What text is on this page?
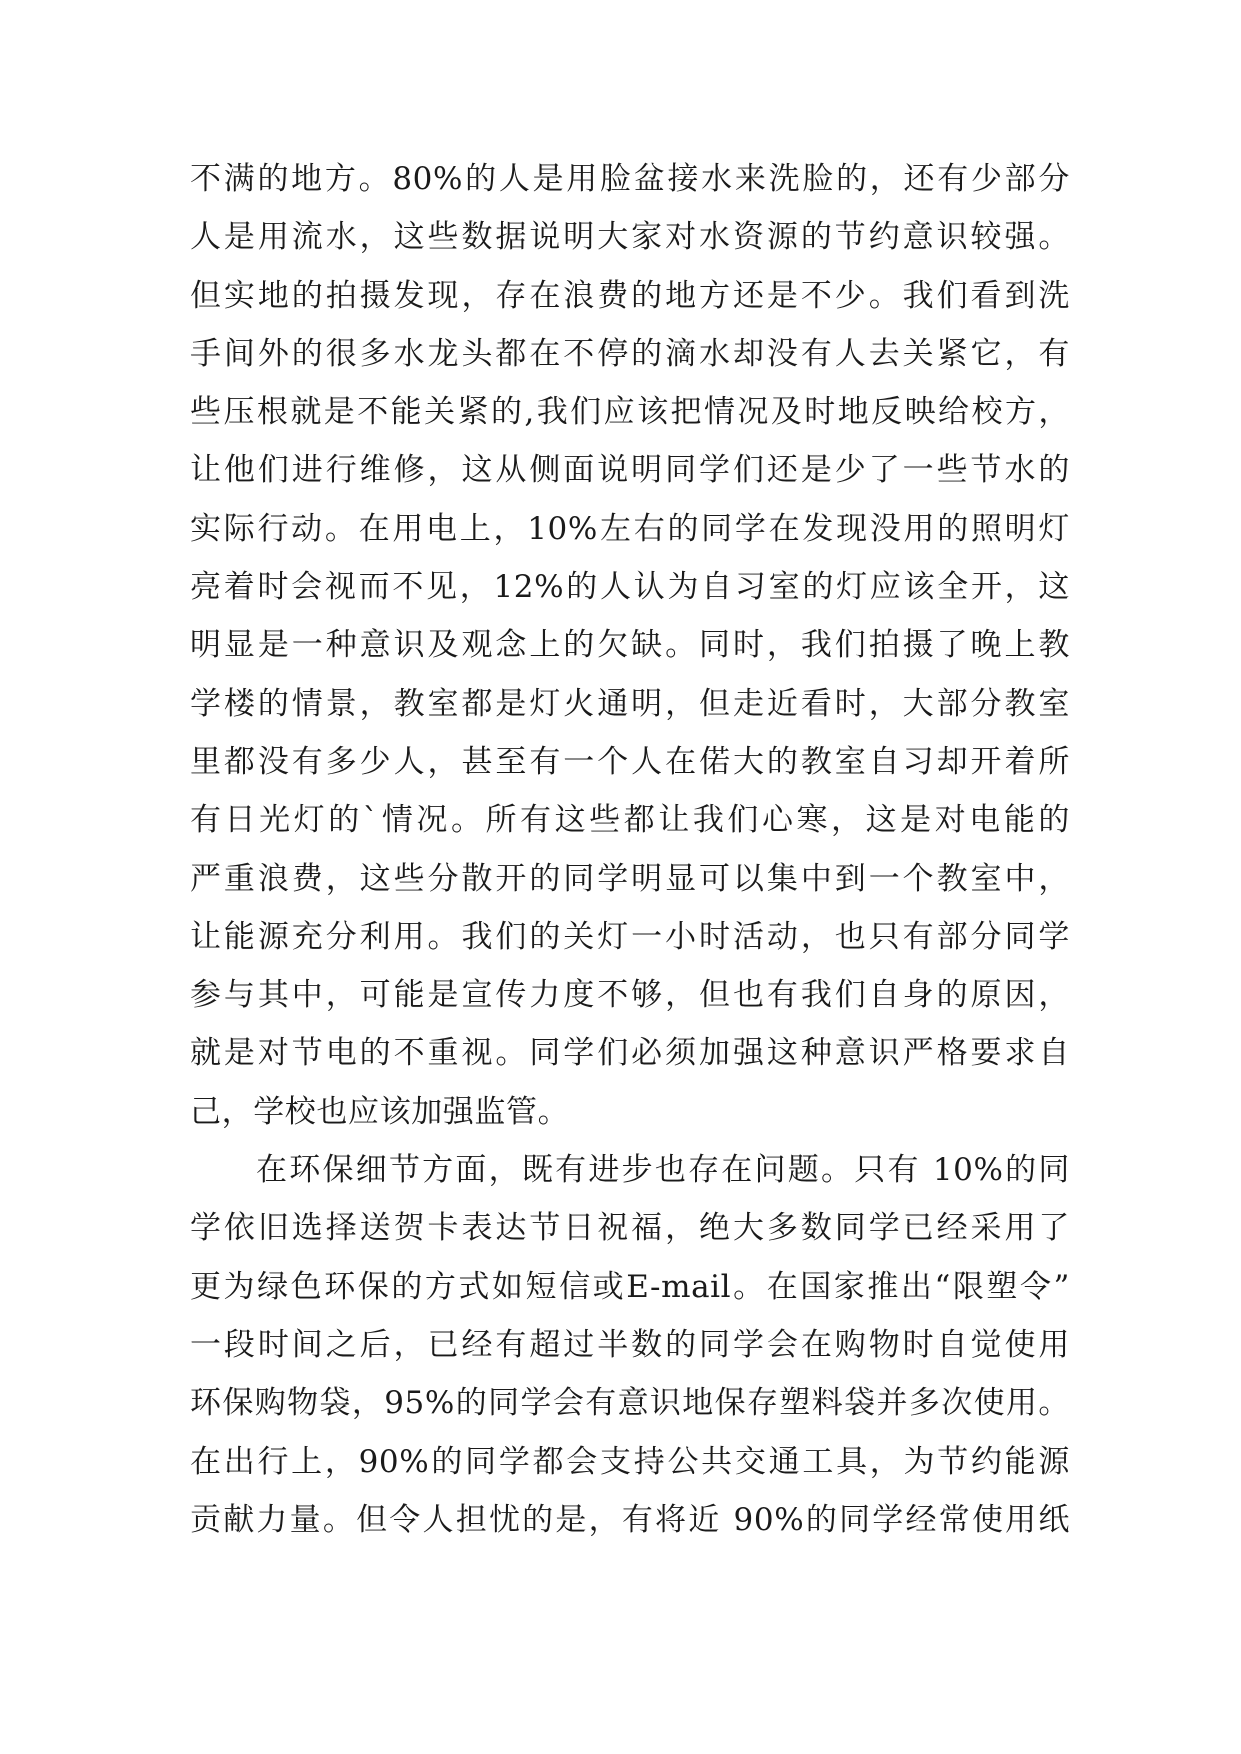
不满的地方。80%的人是用脸盆接水来洗脸的，还有少部分
人是用流水，这些数据说明大家对水资源的节约意识较强。
但实地的拍摄发现，存在浪费的地方还是不少。我们看到洗
手间外的很多水龙头都在不停的滴水却没有人去关紧它，有
些压根就是不能关紧的,我们应该把情况及时地反映给校方，
让他们进行维修，这从侧面说明同学们还是少了一些节水的
实际行动。在用电上，10%左右的同学在发现没用的照明灯
亮着时会视而不见，12%的人认为自习室的灯应该全开，这
明显是一种意识及观念上的欠缺。同时，我们拍摄了晚上教
学楼的情景，教室都是灯火通明，但走近看时，大部分教室
里都没有多少人，甚至有一个人在偌大的教室自习却开着所
有日光灯的`情况。所有这些都让我们心寒，这是对电能的
严重浪费，这些分散开的同学明显可以集中到一个教室中，
让能源充分利用。我们的关灯一小时活动，也只有部分同学
参与其中，可能是宣传力度不够，但也有我们自身的原因，
就是对节电的不重视。同学们必须加强这种意识严格要求自
己，学校也应该加强监管。
在环保细节方面，既有进步也存在问题。只有 10%的同
学依旧选择送贺卡表达节日祝福，绝大多数同学已经采用了
更为绿色环保的方式如短信或E-mail。在国家推出“限塑令”
一段时间之后，已经有超过半数的同学会在购物时自觉使用
环保购物袋，95%的同学会有意识地保存塑料袋并多次使用。
在出行上，90%的同学都会支持公共交通工具，为节约能源
贡献力量。但令人担忧的是，有将近 90%的同学经常使用纸
